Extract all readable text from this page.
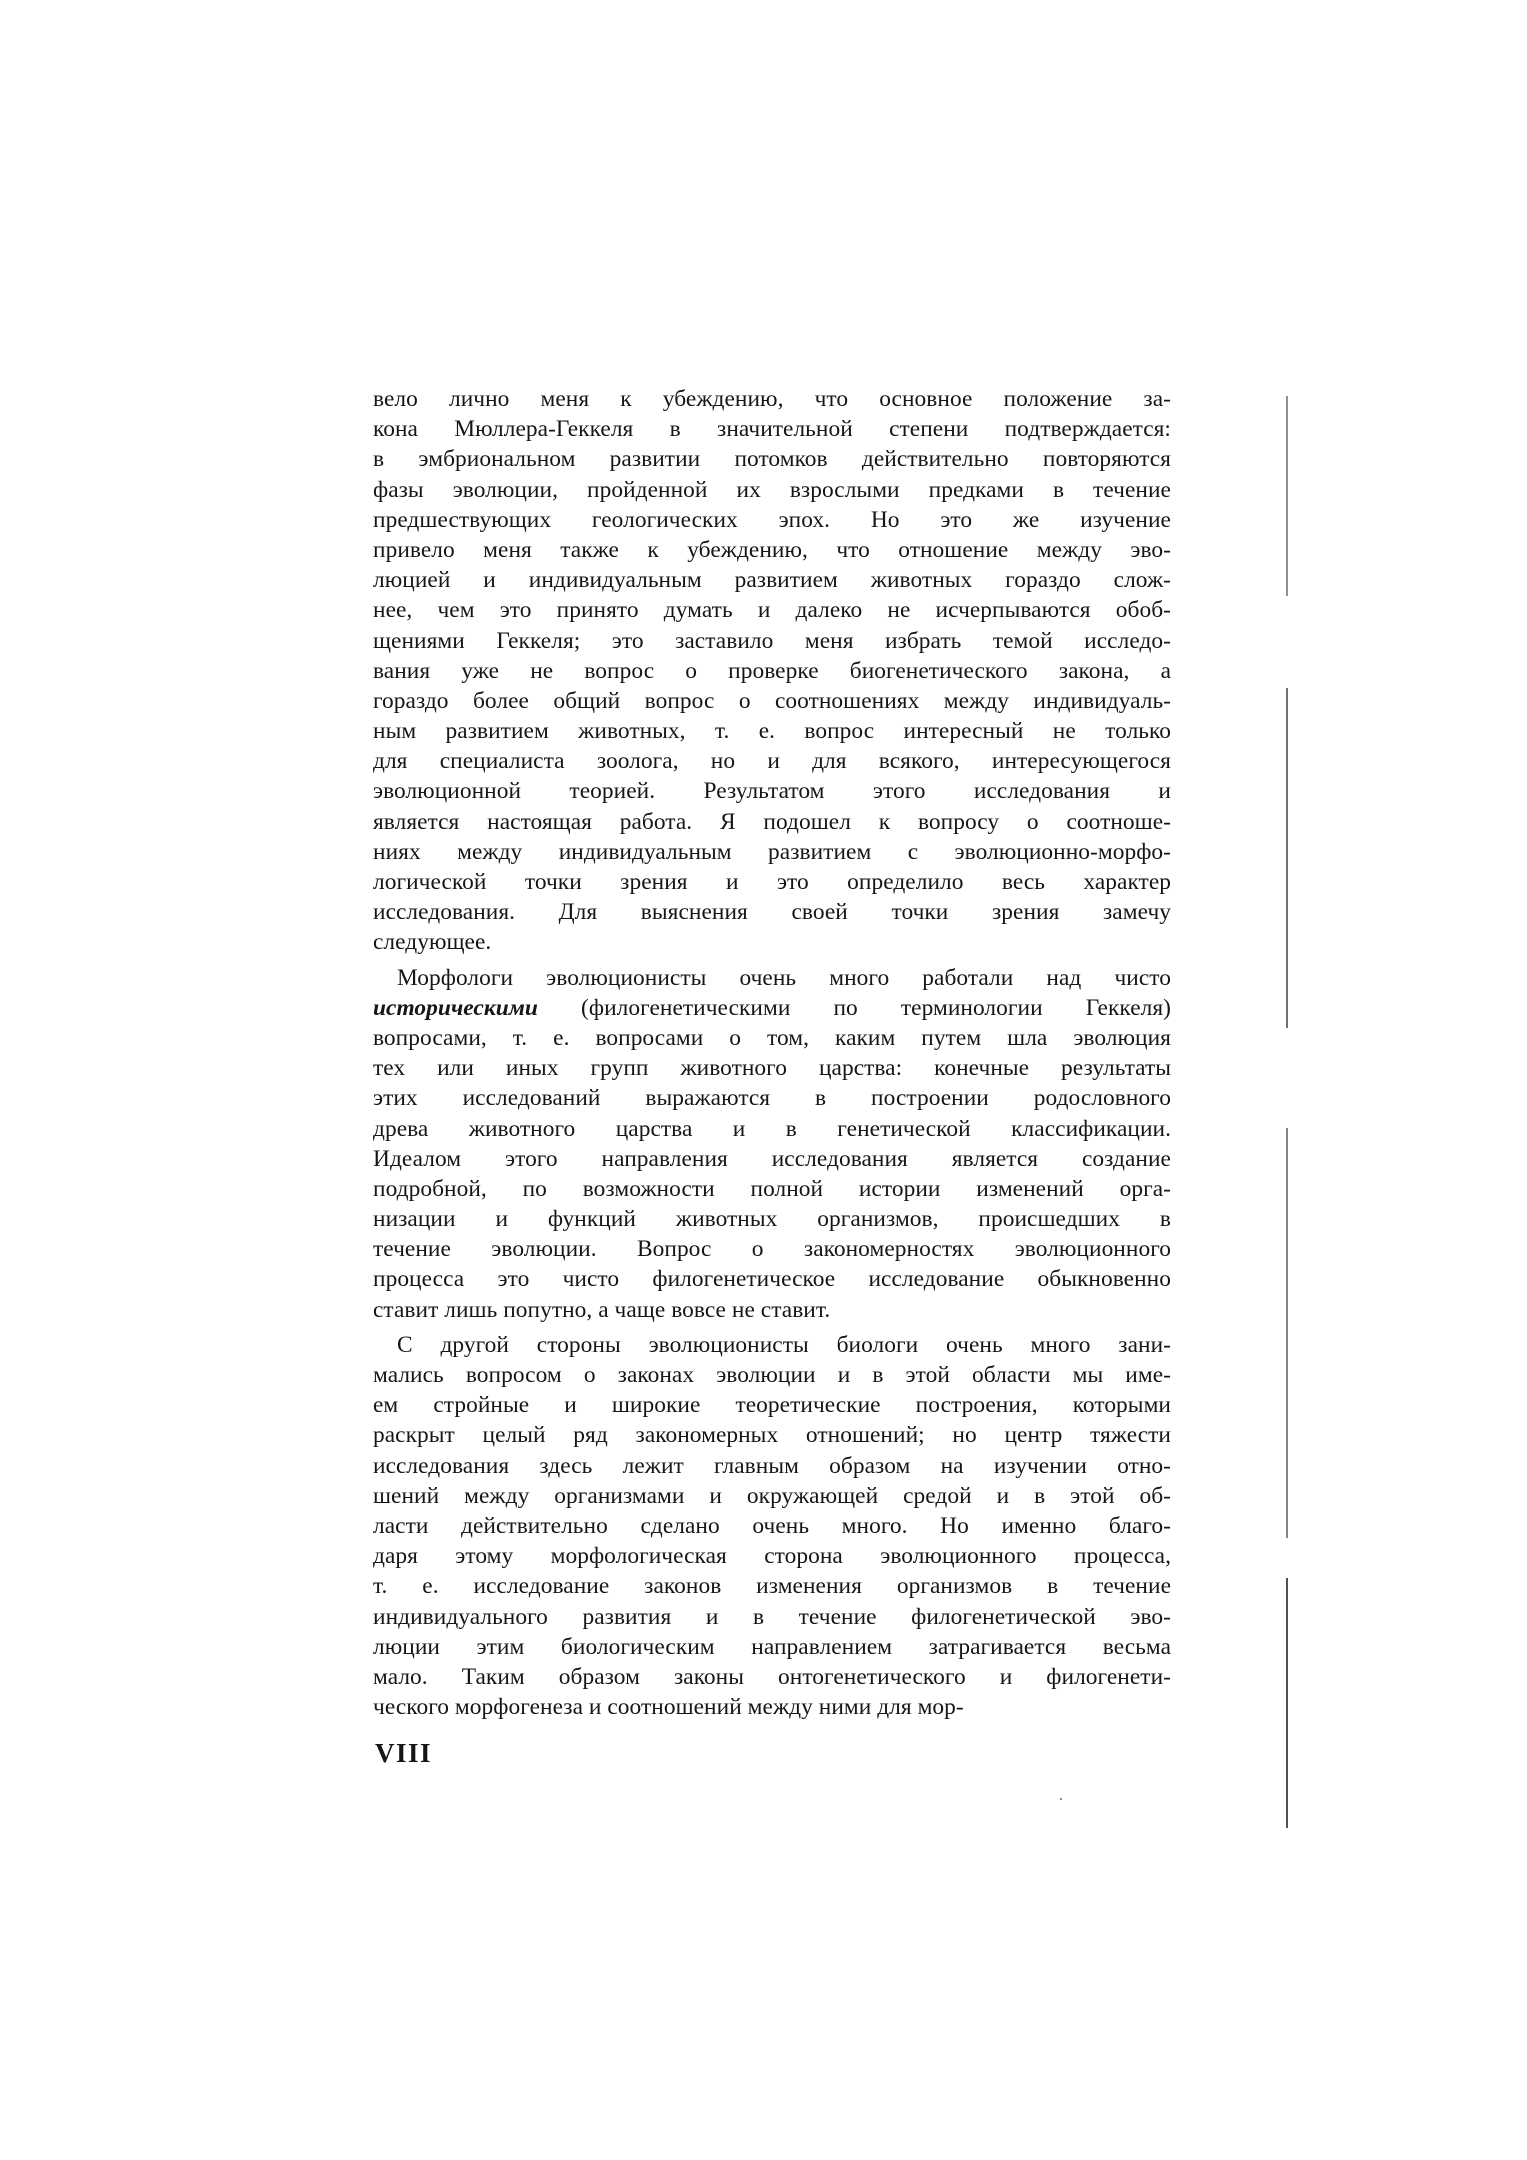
вело лично меня к убеждению, что основное положение за-
кона Мюллера-Геккеля в значительной степени подтверждается:
в эмбриональном развитии потомков действительно повторяются
фазы эволюции, пройденной их взрослыми предками в течение
предшествующих геологических эпох. Но это же изучение
привело меня также к убеждению, что отношение между эво-
люцией и индивидуальным развитием животных гораздо слож-
нее, чем это принято думать и далеко не исчерпываются обоб-
щениями Геккеля; это заставило меня избрать темой исследо-
вания уже не вопрос о проверке биогенетического закона, а
гораздо более общий вопрос о соотношениях между индивидуаль-
ным развитием животных, т. е. вопрос интересный не только
для специалиста зоолога, но и для всякого, интересующегося
эволюционной теорией. Результатом этого исследования и
является настоящая работа. Я подошел к вопросу о соотноше-
ниях между индивидуальным развитием с эволюционно-морфо-
логической точки зрения и это определило весь характер
исследования. Для выяснения своей точки зрения замечу
следующее.
Морфологи эволюционисты очень много работали над чисто
историческими (филогенетическими по терминологии Геккеля)
вопросами, т. е. вопросами о том, каким путем шла эволюция
тех или иных групп животного царства: конечные результаты
этих исследований выражаются в построении родословного
древа животного царства и в генетической классификации.
Идеалом этого направления исследования является создание
подробной, по возможности полной истории изменений орга-
низации и функций животных организмов, происшедших в
течение эволюции. Вопрос о закономерностях эволюционного
процесса это чисто филогенетическое исследование обыкновенно
ставит лишь попутно, а чаще вовсе не ставит.
С другой стороны эволюционисты биологи очень много зани-
мались вопросом о законах эволюции и в этой области мы име-
ем стройные и широкие теоретические построения, которыми
раскрыт целый ряд закономерных отношений; но центр тяжести
исследования здесь лежит главным образом на изучении отно-
шений между организмами и окружающей средой и в этой об-
ласти действительно сделано очень много. Но именно благо-
даря этому морфологическая сторона эволюционного процесса,
т. е. исследование законов изменения организмов в течение
индивидуального развития и в течение филогенетической эво-
люции этим биологическим направлением затрагивается весьма
мало. Таким образом законы онтогенетического и филогенети-
ческого морфогенеза и соотношений между ними для мор-
VIII
